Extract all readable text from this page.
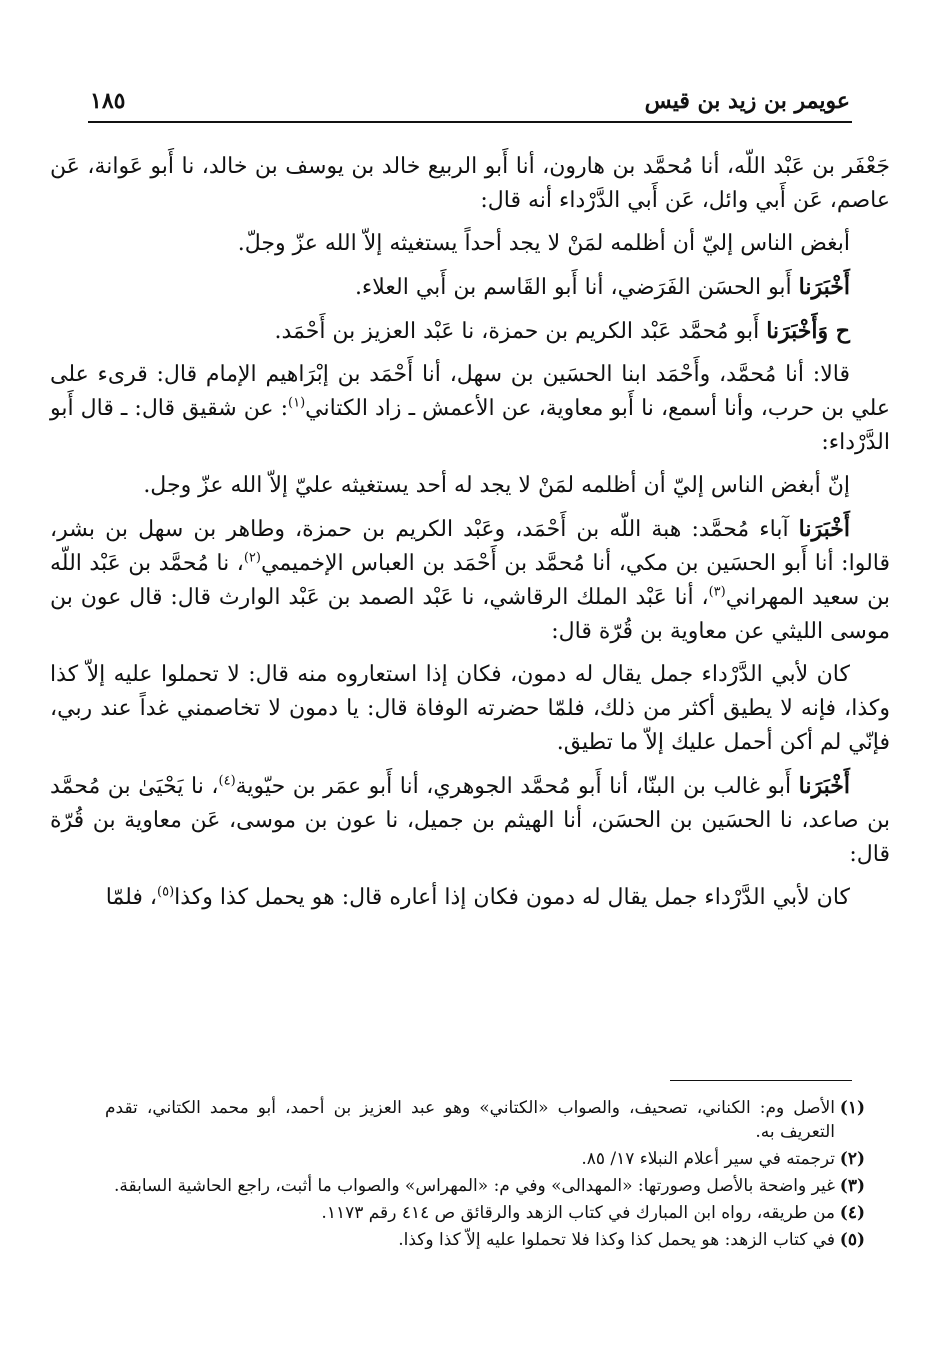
عويمر بن زيد بن قيس
١٨٥

جَعْفَر بن عَبْد اللّه، أنا مُحمَّد بن هارون، أنا أَبو الربيع خالد بن يوسف بن خالد، نا أَبو عَوانة، عَن عاصم، عَن أَبي وائل، عَن أَبي الدَّرْداء أنه قال:

أبغض الناس إليّ أن أظلمه لمَنْ لا يجد أحداً يستغيثه إلاّ الله عزّ وجلّ.

أَخْبَرَنا أَبو الحسَن الفَرَضي، أنا أَبو القَاسم بن أَبي العلاء.

ح وَأَخْبَرَنا أَبو مُحمَّد عَبْد الكريم بن حمزة، نا عَبْد العزيز بن أَحْمَد.

قالا: أنا مُحمَّد، وأَحْمَد ابنا الحسَين بن سهل، أنا أَحْمَد بن إبْرَاهيم الإمام قال: قرىء على علي بن حرب، وأنا أسمع، نا أَبو معاوية، عن الأعمش ـ زاد الكتاني$^{(١)}$: عن شقيق قال: ـ قال أَبو الدَّرْداء:

إنّ أبغض الناس إليّ أن أظلمه لمَنْ لا يجد له أحد يستغيثه عليّ إلاّ الله عزّ وجل.

أَخْبَرَنا آباء مُحمَّد: هبة اللّه بن أَحْمَد، وعَبْد الكريم بن حمزة، وطاهر بن سهل بن بشر، قالوا: أنا أَبو الحسَين بن مكي، أنا مُحمَّد بن أَحْمَد بن العباس الإخميمي$^{(٢)}$، نا مُحمَّد بن عَبْد اللّه بن سعيد المهراني$^{(٣)}$، أنا عَبْد الملك الرقاشي، نا عَبْد الصمد بن عَبْد الوارث قال: قال عون بن موسى الليثي عن معاوية بن قُرّة قال:

كان لأبي الدَّرْداء جمل يقال له دمون، فكان إذا استعاروه منه قال: لا تحملوا عليه إلاّ كذا وكذا، فإنه لا يطيق أكثر من ذلك، فلمّا حضرته الوفاة قال: يا دمون لا تخاصمني غداً عند ربي، فإنّي لم أكن أحمل عليك إلاّ ما تطيق.

أَخْبَرَنا أَبو غالب بن البنّا، أنا أَبو مُحمَّد الجوهري، أنا أَبو عمَر بن حيّوية$^{(٤)}$، نا يَحْيَىٰ بن مُحمَّد بن صاعد، نا الحسَين بن الحسَن، أنا الهيثم بن جميل، نا عون بن موسى، عَن معاوية بن قُرّة قال:

كان لأبي الدَّرْداء جمل يقال له دمون فكان إذا أعاره قال: هو يحمل كذا وكذا$^{(٥)}$، فلمّا

(١)
الأصل وم: الكناني، تصحيف، والصواب «الكتاني» وهو عبد العزيز بن أحمد، أبو محمد الكتاني، تقدم التعريف به.
(٢)
ترجمته في سير أعلام النبلاء ١٧/ ٨٥.
(٣)
غير واضحة بالأصل وصورتها: «المهدالى» وفي م: «المهراس» والصواب ما أثبت، راجع الحاشية السابقة.
(٤)
من طريقه، رواه ابن المبارك في كتاب الزهد والرقائق ص ٤١٤ رقم ١١٧٣.
(٥)
في كتاب الزهد: هو يحمل كذا وكذا فلا تحملوا عليه إلاّ كذا وكذا.
